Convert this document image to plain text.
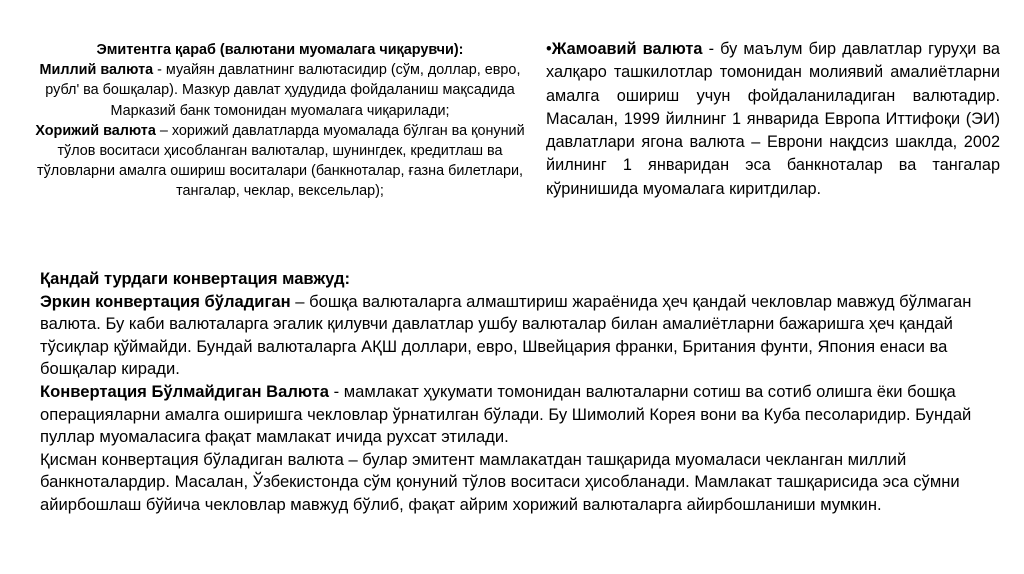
Эмитентга қараб (валютани муомалага чиқарувчи):
Миллий валюта - муайян давлатнинг валютасидир (сўм, доллар, евро, рубл' ва бошқалар). Мазкур давлат ҳудудида фойдаланиш мақсадида Марказий банк томонидан муомалага чиқарилади;
Хорижий валюта – хорижий давлатларда муомалада бўлган ва қонуний тўлов воситаси ҳисобланган валюталар, шунингдек, кредитлаш ва тўловларни амалга ошириш воситалари (банкноталар, ғазна билетлари, тангалар, чеклар, вексельлар);

•Жамоавий валюта - бу маълум бир давлатлар гуруҳи ва халқаро ташкилотлар томонидан молиявий амалиётларни амалга ошириш учун фойдаланиладиган валютадир. Масалан, 1999 йилнинг 1 январида Европа Иттифоқи (ЭИ) давлатлари ягона валюта – Еврони нақдсиз шаклда, 2002 йилнинг 1 январидан эса банкноталар ва тангалар кўринишида муомалага киритдилар.

Қандай турдаги конвертация мавжуд:
Эркин конвертация бўладиган – бошқа валюталарга алмаштириш жараёнида ҳеч қандай чекловлар мавжуд бўлмаган валюта. Бу каби валюталарга эгалик қилувчи давлатлар ушбу валюталар билан амалиётларни бажаришга ҳеч қандай тўсиқлар қўймайди. Бундай валюталарга АҚШ доллари, евро, Швейцария франки, Британия фунти, Япония енаси ва бошқалар киради.
Конвертация Бўлмайдиган Валюта - мамлакат ҳукумати томонидан валюталарни сотиш ва сотиб олишга ёки бошқа операцияларни амалга оширишга чекловлар ўрнатилган бўлади. Бу Шимолий Корея вони ва Куба песоларидир. Бундай пуллар муомаласига фақат мамлакат ичида рухсат этилади.
Қисман конвертация бўладиган валюта – булар эмитент мамлакатдан ташқарида муомаласи чекланган миллий банкноталардир. Масалан, Ўзбекистонда сўм қонуний тўлов воситаси ҳисобланади. Мамлакат ташқарисида эса сўмни айирбошлаш бўйича чекловлар мавжуд бўлиб, фақат айрим хорижий валюталарга айирбошланиши мумкин.
